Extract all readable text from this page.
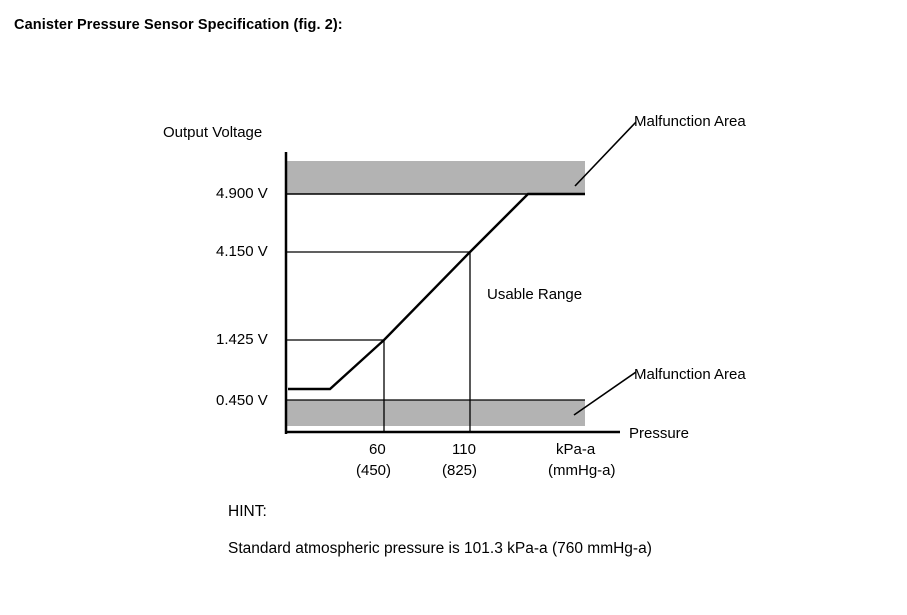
Canister Pressure Sensor Specification (fig. 2):
Output Voltage
Pressure
4.900 V
4.150 V
1.425 V
0.450 V
60
(450)
110
(825)
kPa-a
(mmHg-a)
Usable Range
Malfunction Area
Malfunction Area
HINT:
Standard atmospheric pressure is 101.3 kPa-a (760 mmHg-a)
